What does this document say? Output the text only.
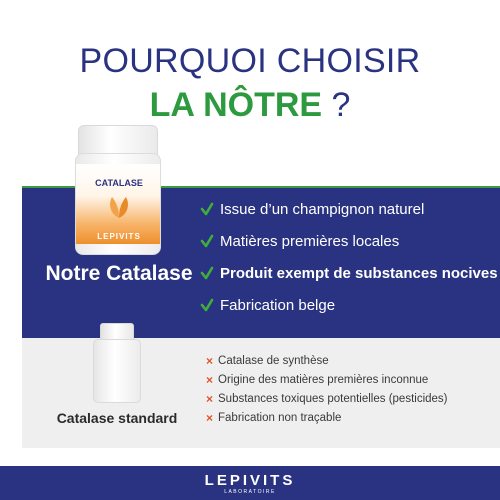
POURQUOI CHOISIR
LA NÔTRE ?
CATALASE
LEPIVITS
Notre Catalase
Issue d’un champignon naturel
Matières premières locales
Produit exempt de substances nocives
Fabrication belge
Catalase standard
× Catalase de synthèse
× Origine des matières premières inconnue
× Substances toxiques potentielles (pesticides)
× Fabrication non traçable
LEPIVITS
LABORATOIRE
